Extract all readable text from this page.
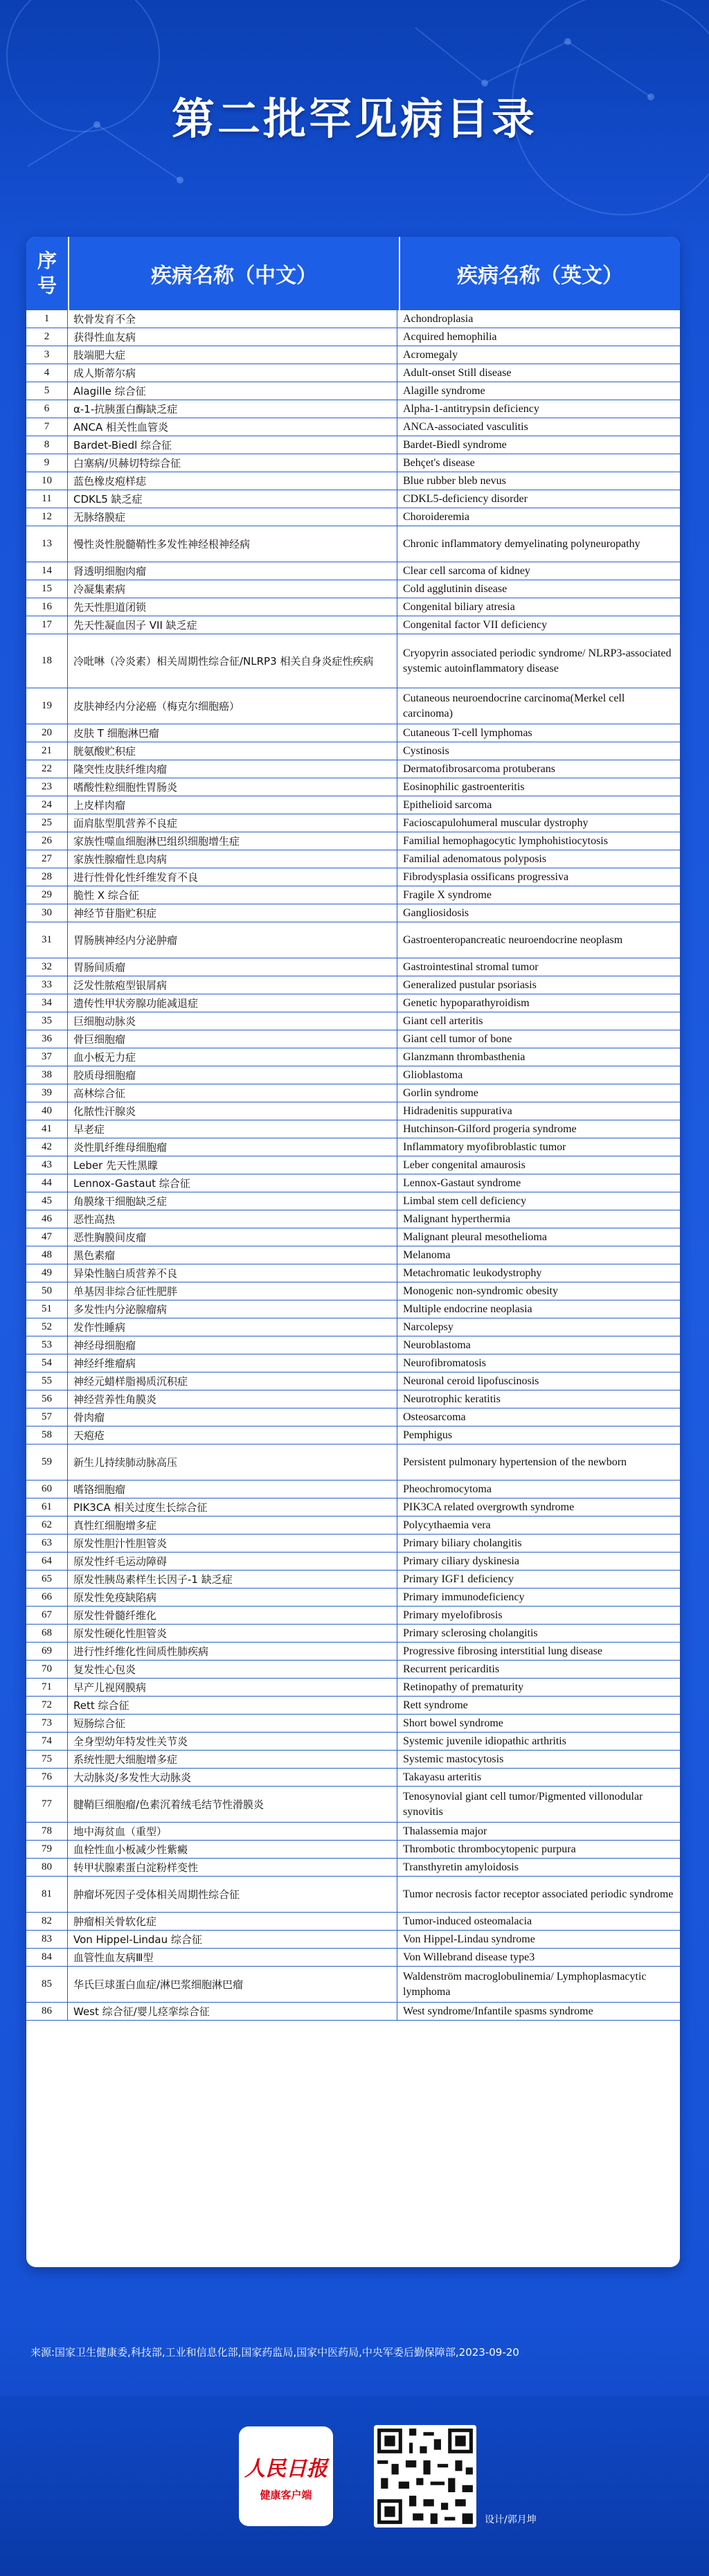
第二批罕见病目录
序
号	疾病名称（中文）	疾病名称（英文）
1	软骨发育不全	Achondroplasia
2	获得性血友病	Acquired hemophilia
3	肢端肥大症	Acromegaly
4	成人斯蒂尔病	Adult-onset Still disease
5	Alagille 综合征	Alagille syndrome
6	α-1-抗胰蛋白酶缺乏症	Alpha-1-antitrypsin deficiency
7	ANCA 相关性血管炎	ANCA-associated vasculitis
8	Bardet-Biedl 综合征	Bardet-Biedl syndrome
9	白塞病/贝赫切特综合征	Behçet's disease
10	蓝色橡皮疱样痣	Blue rubber bleb nevus
11	CDKL5 缺乏症	CDKL5-deficiency disorder
12	无脉络膜症	Choroideremia
13	慢性炎性脱髓鞘性多发性神经根神经病	Chronic inflammatory demyelinating polyneuropathy
14	肾透明细胞肉瘤	Clear cell sarcoma of kidney
15	冷凝集素病	Cold agglutinin disease
16	先天性胆道闭锁	Congenital biliary atresia
17	先天性凝血因子 VII 缺乏症	Congenital factor VII deficiency
18	冷吡啉（冷炎素）相关周期性综合征/NLRP3 相关自身炎症性疾病
Cryopyrin associated periodic syndrome/ NLRP3-associated systemic autoinflammatory disease
19	皮肤神经内分泌癌（梅克尔细胞癌）
Cutaneous neuroendocrine carcinoma(Merkel cell carcinoma)
20	皮肤 T 细胞淋巴瘤	Cutaneous T-cell lymphomas
21	胱氨酸贮积症	Cystinosis
22	隆突性皮肤纤维肉瘤	Dermatofibrosarcoma protuberans
23	嗜酸性粒细胞性胃肠炎	Eosinophilic gastroenteritis
24	上皮样肉瘤	Epithelioid sarcoma
25	面肩肱型肌营养不良症	Facioscapulohumeral muscular dystrophy
26	家族性噬血细胞淋巴组织细胞增生症	Familial hemophagocytic lymphohistiocytosis
27	家族性腺瘤性息肉病	Familial adenomatous polyposis
28	进行性骨化性纤维发育不良	Fibrodysplasia ossificans progressiva
29	脆性 X 综合征	Fragile X syndrome
30	神经节苷脂贮积症	Gangliosidosis
31	胃肠胰神经内分泌肿瘤	Gastroenteropancreatic neuroendocrine neoplasm
32	胃肠间质瘤	Gastrointestinal stromal tumor
33	泛发性脓疱型银屑病	Generalized pustular psoriasis
34	遗传性甲状旁腺功能减退症	Genetic hypoparathyroidism
35	巨细胞动脉炎	Giant cell arteritis
36	骨巨细胞瘤	Giant cell tumor of bone
37	血小板无力症	Glanzmann thrombasthenia
38	胶质母细胞瘤	Glioblastoma
39	高林综合征	Gorlin syndrome
40	化脓性汗腺炎	Hidradenitis suppurativa
41	早老症	Hutchinson-Gilford progeria syndrome
42	炎性肌纤维母细胞瘤	Inflammatory myofibroblastic tumor
43	Leber 先天性黑矇	Leber congenital amaurosis
44	Lennox-Gastaut 综合征	Lennox-Gastaut syndrome
45	角膜缘干细胞缺乏症	Limbal stem cell deficiency
46	恶性高热	Malignant hyperthermia
47	恶性胸膜间皮瘤	Malignant pleural mesothelioma
48	黑色素瘤	Melanoma
49	异染性脑白质营养不良	Metachromatic leukodystrophy
50	单基因非综合征性肥胖	Monogenic non-syndromic obesity
51	多发性内分泌腺瘤病	Multiple endocrine neoplasia
52	发作性睡病	Narcolepsy
53	神经母细胞瘤	Neuroblastoma
54	神经纤维瘤病	Neurofibromatosis
55	神经元蜡样脂褐质沉积症	Neuronal ceroid lipofuscinosis
56	神经营养性角膜炎	Neurotrophic keratitis
57	骨肉瘤	Osteosarcoma
58	天疱疮	Pemphigus
59	新生儿持续肺动脉高压	Persistent pulmonary hypertension of the newborn
60	嗜铬细胞瘤	Pheochromocytoma
61	PIK3CA 相关过度生长综合征	PIK3CA related overgrowth syndrome
62	真性红细胞增多症	Polycythaemia vera
63	原发性胆汁性胆管炎	Primary biliary cholangitis
64	原发性纤毛运动障碍	Primary ciliary dyskinesia
65	原发性胰岛素样生长因子-1 缺乏症	Primary IGF1 deficiency
66	原发性免疫缺陷病	Primary immunodeficiency
67	原发性骨髓纤维化	Primary myelofibrosis
68	原发性硬化性胆管炎	Primary sclerosing cholangitis
69	进行性纤维化性间质性肺疾病	Progressive fibrosing interstitial lung disease
70	复发性心包炎	Recurrent pericarditis
71	早产儿视网膜病	Retinopathy of prematurity
72	Rett 综合征	Rett syndrome
73	短肠综合征	Short bowel syndrome
74	全身型幼年特发性关节炎	Systemic juvenile idiopathic arthritis
75	系统性肥大细胞增多症	Systemic mastocytosis
76	大动脉炎/多发性大动脉炎	Takayasu arteritis
77	腱鞘巨细胞瘤/色素沉着绒毛结节性滑膜炎
Tenosynovial giant cell tumor/Pigmented villonodular synovitis
78	地中海贫血（重型）	Thalassemia major
79	血栓性血小板减少性紫癜	Thrombotic thrombocytopenic purpura
80	转甲状腺素蛋白淀粉样变性	Transthyretin amyloidosis
81	肿瘤坏死因子受体相关周期性综合征	Tumor necrosis factor receptor associated periodic syndrome
82	肿瘤相关骨软化症	Tumor-induced osteomalacia
83	Von Hippel-Lindau 综合征	Von Hippel-Lindau syndrome
84	血管性血友病Ⅲ型	Von Willebrand disease type3
85	华氏巨球蛋白血症/淋巴浆细胞淋巴瘤
Waldenström macroglobulinemia/ Lymphoplasmacytic lymphoma
86	West 综合征/婴儿痉挛综合征	West syndrome/Infantile spasms syndrome
来源:国家卫生健康委,科技部,工业和信息化部,国家药监局,国家中医药局,中央军委后勤保障部,2023-09-20
人民日报
健康客户端
设计/郭月坤
